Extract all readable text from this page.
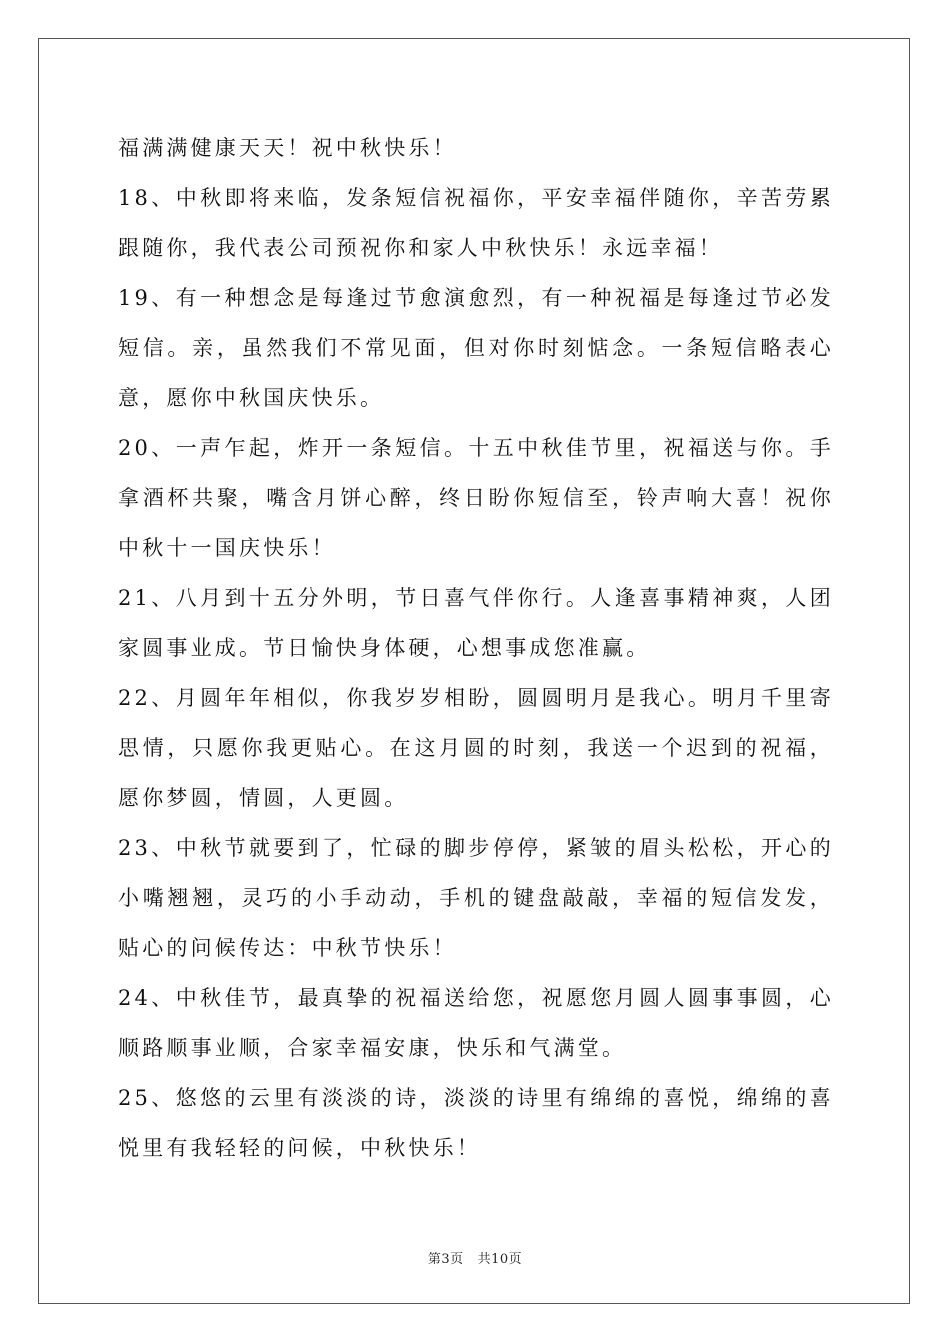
福满满健康天天！祝中秋快乐！

18、中秋即将来临，发条短信祝福你，平安幸福伴随你，辛苦劳累跟随你，我代表公司预祝你和家人中秋快乐！永远幸福！

19、有一种想念是每逢过节愈演愈烈，有一种祝福是每逢过节必发短信。亲，虽然我们不常见面，但对你时刻惦念。一条短信略表心意，愿你中秋国庆快乐。

20、一声乍起，炸开一条短信。十五中秋佳节里，祝福送与你。手拿酒杯共聚，嘴含月饼心醉，终日盼你短信至，铃声响大喜！祝你中秋十一国庆快乐！

21、八月到十五分外明，节日喜气伴你行。人逢喜事精神爽，人团家圆事业成。节日愉快身体硬，心想事成您准赢。

22、月圆年年相似，你我岁岁相盼，圆圆明月是我心。明月千里寄思情，只愿你我更贴心。在这月圆的时刻，我送一个迟到的祝福，愿你梦圆，情圆，人更圆。

23、中秋节就要到了，忙碌的脚步停停，紧皱的眉头松松，开心的小嘴翘翘，灵巧的小手动动，手机的键盘敲敲，幸福的短信发发，贴心的问候传达：中秋节快乐！

24、中秋佳节，最真挚的祝福送给您，祝愿您月圆人圆事事圆，心顺路顺事业顺，合家幸福安康，快乐和气满堂。

25、悠悠的云里有淡淡的诗，淡淡的诗里有绵绵的喜悦，绵绵的喜悦里有我轻轻的问候，中秋快乐！

第3页 共10页
